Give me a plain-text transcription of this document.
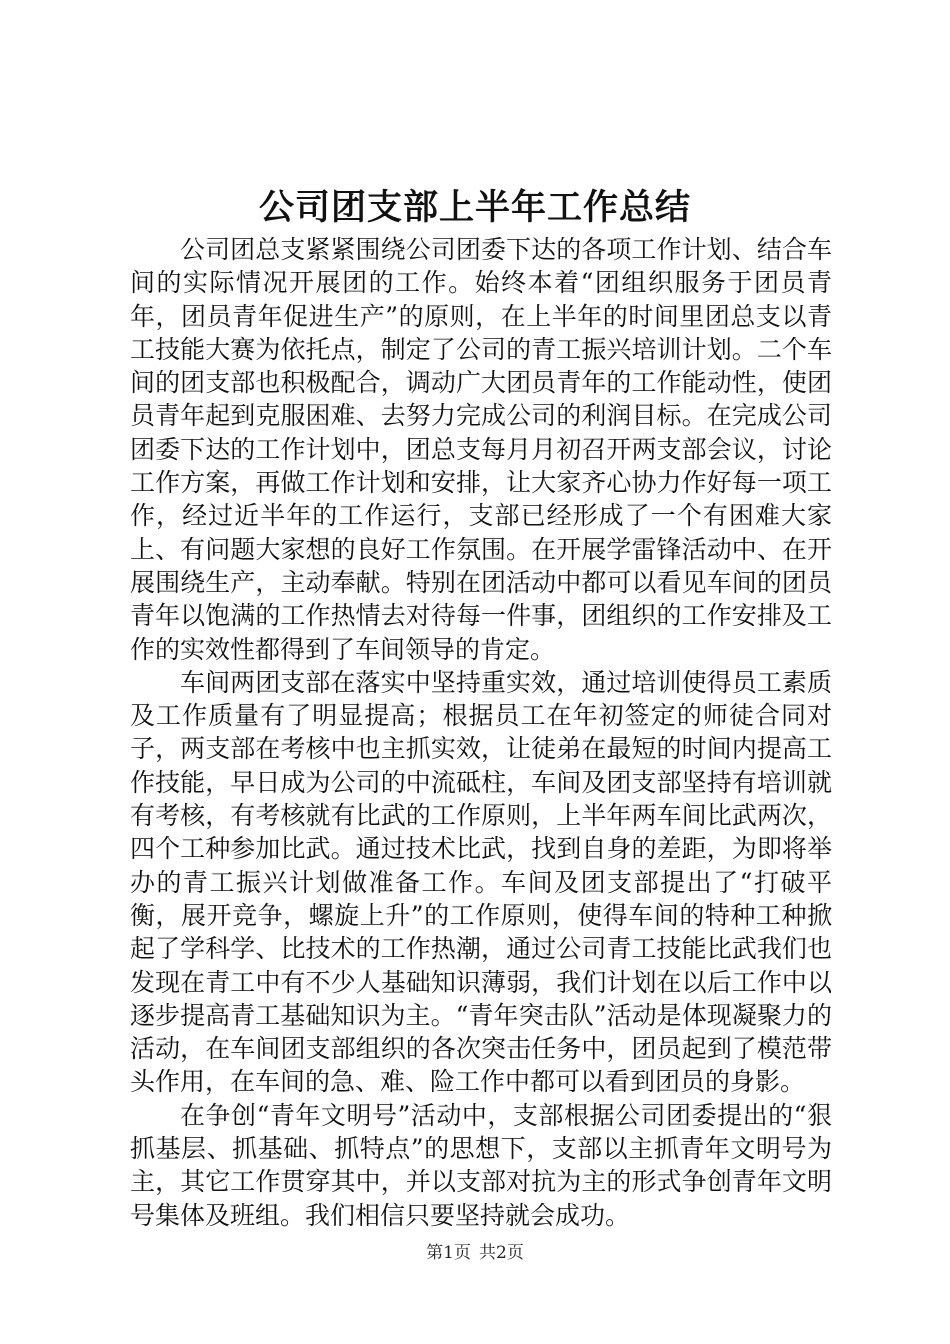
公司团支部上半年工作总结

公司团总支紧紧围绕公司团委下达的各项工作计划、结合车间的实际情况开展团的工作。始终本着“团组织服务于团员青年，团员青年促进生产”的原则，在上半年的时间里团总支以青工技能大赛为依托点，制定了公司的青工振兴培训计划。二个车间的团支部也积极配合，调动广大团员青年的工作能动性，使团员青年起到克服困难、去努力完成公司的利润目标。在完成公司团委下达的工作计划中，团总支每月月初召开两支部会议，讨论工作方案，再做工作计划和安排，让大家齐心协力作好每一项工作，经过近半年的工作运行，支部已经形成了一个有困难大家上、有问题大家想的良好工作氛围。在开展学雷锋活动中、在开展围绕生产，主动奉献。特别在团活动中都可以看见车间的团员青年以饱满的工作热情去对待每一件事，团组织的工作安排及工作的实效性都得到了车间领导的肯定。

车间两团支部在落实中坚持重实效，通过培训使得员工素质及工作质量有了明显提高；根据员工在年初签定的师徒合同对子，两支部在考核中也主抓实效，让徒弟在最短的时间内提高工作技能，早日成为公司的中流砥柱，车间及团支部坚持有培训就有考核，有考核就有比武的工作原则，上半年两车间比武两次，四个工种参加比武。通过技术比武，找到自身的差距，为即将举办的青工振兴计划做准备工作。车间及团支部提出了“打破平衡，展开竞争，螺旋上升”的工作原则，使得车间的特种工种掀起了学科学、比技术的工作热潮，通过公司青工技能比武我们也发现在青工中有不少人基础知识薄弱，我们计划在以后工作中以逐步提高青工基础知识为主。“青年突击队”活动是体现凝聚力的活动，在车间团支部组织的各次突击任务中，团员起到了模范带头作用，在车间的急、难、险工作中都可以看到团员的身影。

在争创“青年文明号”活动中，支部根据公司团委提出的“狠抓基层、抓基础、抓特点”的思想下，支部以主抓青年文明号为主，其它工作贯穿其中，并以支部对抗为主的形式争创青年文明号集体及班组。我们相信只要坚持就会成功。

第1页 共2页
